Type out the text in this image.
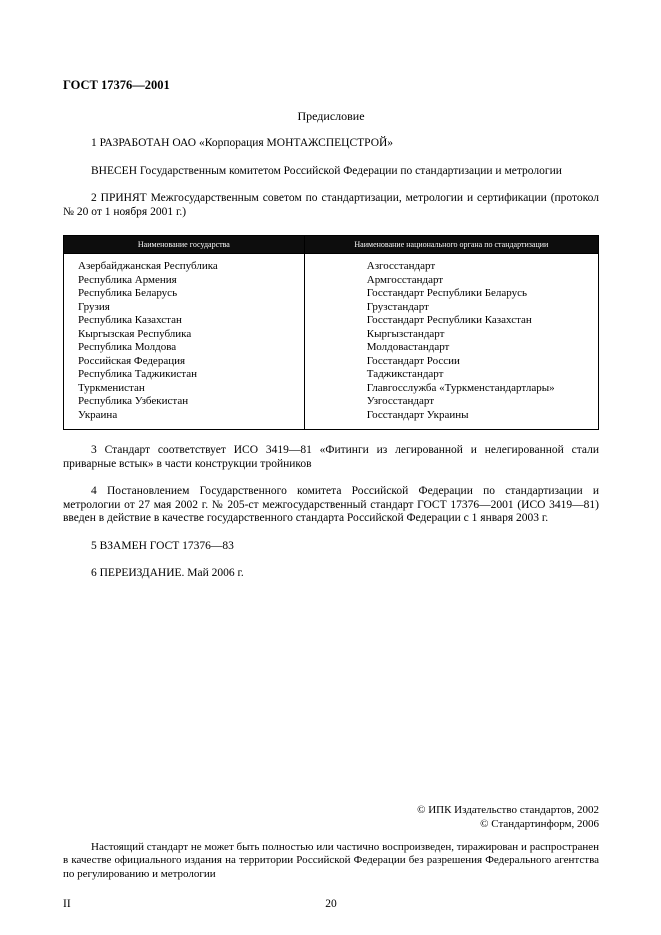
ГОСТ 17376—2001
Предисловие

1 РАЗРАБОТАН ОАО «Корпорация МОНТАЖСПЕЦСТРОЙ»

ВНЕСЕН Государственным комитетом Российской Федерации по стандартизации и метрологии

2 ПРИНЯТ Межгосударственным советом по стандартизации, метрологии и сертификации (протокол № 20 от 1 ноября 2001 г.)

Наименование государства	Наименование национального органа по стандартизации
Азербайджанская Республика	Азгосстандарт
Республика Армения	Армгосстандарт
Республика Беларусь	Госстандарт Республики Беларусь
Грузия	Грузстандарт
Республика Казахстан	Госстандарт Республики Казахстан
Кыргызская Республика	Кыргызстандарт
Республика Молдова	Молдовастандарт
Российская Федерация	Госстандарт России
Республика Таджикистан	Таджикстандарт
Туркменистан	Главгосслужба «Туркменстандартлары»
Республика Узбекистан	Узгосстандарт
Украина	Госстандарт Украины

3 Стандарт соответствует ИСО 3419—81 «Фитинги из легированной и нелегированной стали приварные встык» в части конструкции тройников

4 Постановлением Государственного комитета Российской Федерации по стандартизации и метрологии от 27 мая 2002 г. № 205-ст межгосударственный стандарт ГОСТ 17376—2001 (ИСО 3419—81) введен в действие в качестве государственного стандарта Российской Федерации с 1 января 2003 г.

5 ВЗАМЕН ГОСТ 17376—83

6 ПЕРЕИЗДАНИЕ. Май 2006 г.

© ИПК Издательство стандартов, 2002
© Стандартинформ, 2006
Настоящий стандарт не может быть полностью или частично воспроизведен, тиражирован и распространен в качестве официального издания на территории Российской Федерации без разрешения Федерального агентства по регулированию и метрологии
II	20
